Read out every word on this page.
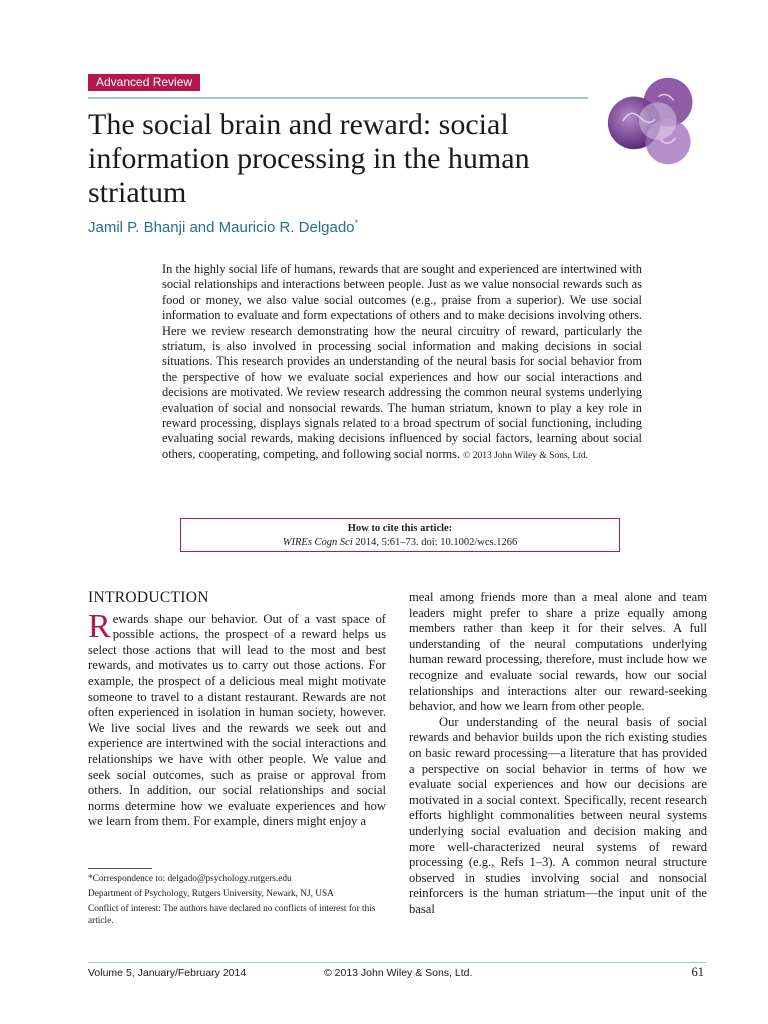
Advanced Review
The social brain and reward: social information processing in the human striatum
Jamil P. Bhanji and Mauricio R. Delgado*

In the highly social life of humans, rewards that are sought and experienced are intertwined with social relationships and interactions between people. Just as we value nonsocial rewards such as food or money, we also value social outcomes (e.g., praise from a superior). We use social information to evaluate and form expectations of others and to make decisions involving others. Here we review research demonstrating how the neural circuitry of reward, particularly the striatum, is also involved in processing social information and making decisions in social situations. This research provides an understanding of the neural basis for social behavior from the perspective of how we evaluate social experiences and how our social interactions and decisions are motivated. We review research addressing the common neural systems underlying evaluation of social and nonsocial rewards. The human striatum, known to play a key role in reward processing, displays signals related to a broad spectrum of social functioning, including evaluating social rewards, making decisions influenced by social factors, learning about social others, cooperating, competing, and following social norms. © 2013 John Wiley & Sons, Ltd.

How to cite this article:
WIREs Cogn Sci 2014, 5:61–73. doi: 10.1002/wcs.1266
INTRODUCTION

Rewards shape our behavior. Out of a vast space of possible actions, the prospect of a reward helps us select those actions that will lead to the most and best rewards, and motivates us to carry out those actions. For example, the prospect of a delicious meal might motivate someone to travel to a distant restaurant. Rewards are not often experienced in isolation in human society, however. We live social lives and the rewards we seek out and experience are intertwined with the social interactions and relationships we have with other people. We value and seek social outcomes, such as praise or approval from others. In addition, our social relationships and social norms determine how we evaluate experiences and how we learn from them. For example, diners might enjoy a

meal among friends more than a meal alone and team leaders might prefer to share a prize equally among members rather than keep it for their selves. A full understanding of the neural computations underlying human reward processing, therefore, must include how we recognize and evaluate social rewards, how our social relationships and interactions alter our reward-seeking behavior, and how we learn from other people.

Our understanding of the neural basis of social rewards and behavior builds upon the rich existing studies on basic reward processing—a literature that has provided a perspective on social behavior in terms of how we evaluate social experiences and how our decisions are motivated in a social context. Specifically, recent research efforts highlight commonalities between neural systems underlying social evaluation and decision making and more well-characterized neural systems of reward processing (e.g., Refs 1–3). A common neural structure observed in studies involving social and nonsocial reinforcers is the human striatum—the input unit of the basal

*Correspondence to: delgado@psychology.rutgers.edu

Department of Psychology, Rutgers University, Newark, NJ, USA

Conflict of interest: The authors have declared no conflicts of interest for this article.

Volume 5, January/February 2014	© 2013 John Wiley & Sons, Ltd.	61
